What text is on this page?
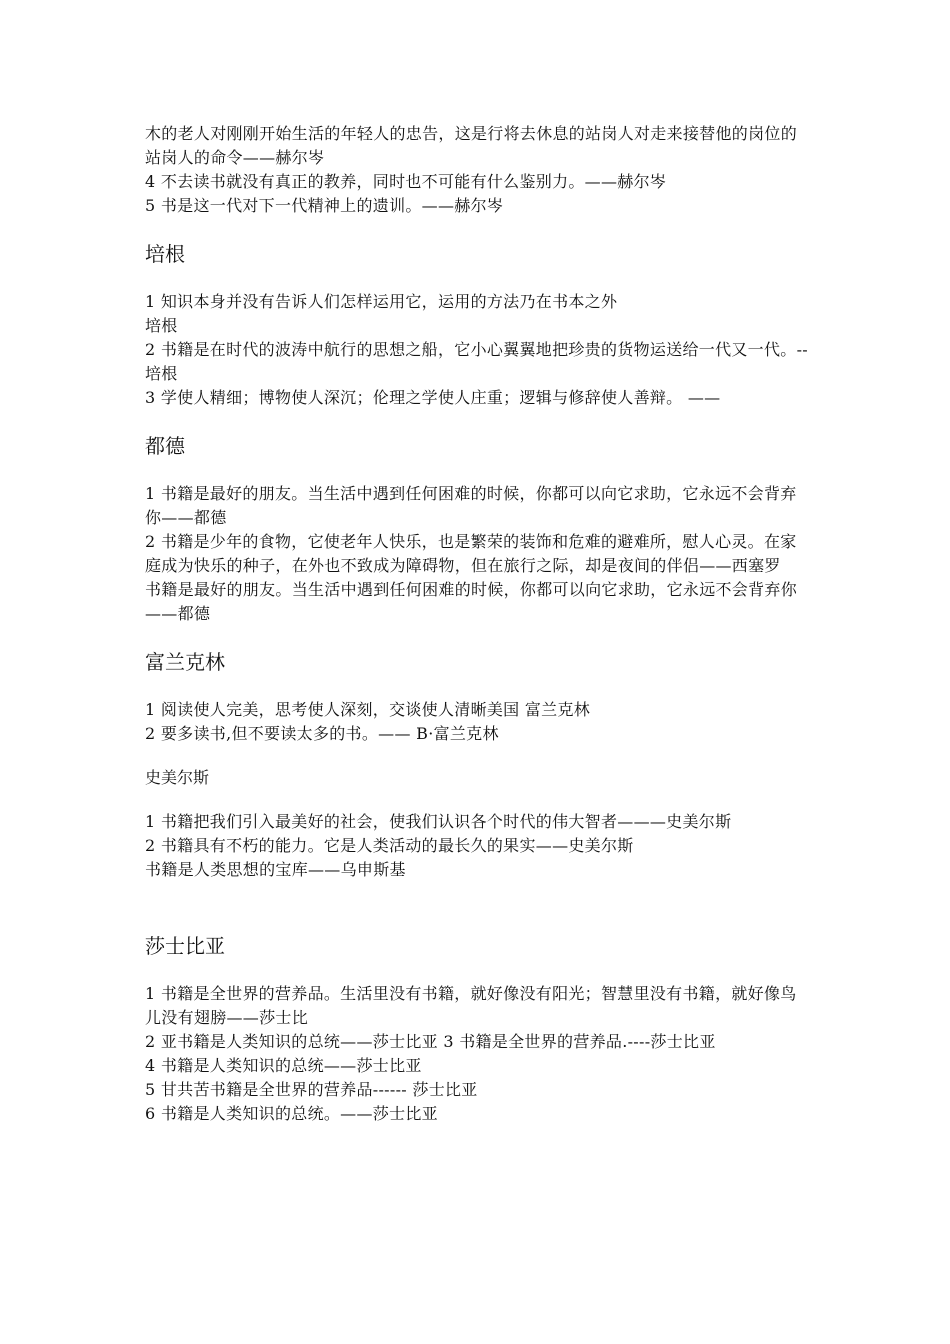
木的老人对刚刚开始生活的年轻人的忠告，这是行将去休息的站岗人对走来接替他的岗位的站岗人的命令——赫尔岑

4 不去读书就没有真正的教养，同时也不可能有什么鉴别力。——赫尔岑

5 书是这一代对下一代精神上的遗训。——赫尔岑

培根

1 知识本身并没有告诉人们怎样运用它，运用的方法乃在书本之外

培根

2 书籍是在时代的波涛中航行的思想之船，它小心翼翼地把珍贵的货物运送给一代又一代。--培根

3 学使人精细；博物使人深沉；伦理之学使人庄重；逻辑与修辞使人善辩。 ——

都德

1 书籍是最好的朋友。当生活中遇到任何困难的时候，你都可以向它求助，它永远不会背弃你——都德

2 书籍是少年的食物，它使老年人快乐，也是繁荣的装饰和危难的避难所，慰人心灵。在家庭成为快乐的种子，在外也不致成为障碍物，但在旅行之际，却是夜间的伴侣——西塞罗

书籍是最好的朋友。当生活中遇到任何困难的时候，你都可以向它求助，它永远不会背弃你——都德

富兰克林

1 阅读使人完美，思考使人深刻，交谈使人清晰美国 富兰克林

2 要多读书,但不要读太多的书。—— B·富兰克林

史美尔斯

1 书籍把我们引入最美好的社会，使我们认识各个时代的伟大智者———史美尔斯

2 书籍具有不朽的能力。它是人类活动的最长久的果实——史美尔斯

书籍是人类思想的宝库——乌申斯基

莎士比亚

1 书籍是全世界的营养品。生活里没有书籍，就好像没有阳光；智慧里没有书籍，就好像鸟儿没有翅膀——莎士比

2 亚书籍是人类知识的总统——莎士比亚 3 书籍是全世界的营养品.----莎士比亚

4 书籍是人类知识的总统——莎士比亚

5 甘共苦书籍是全世界的营养品------ 莎士比亚

6 书籍是人类知识的总统。——莎士比亚
